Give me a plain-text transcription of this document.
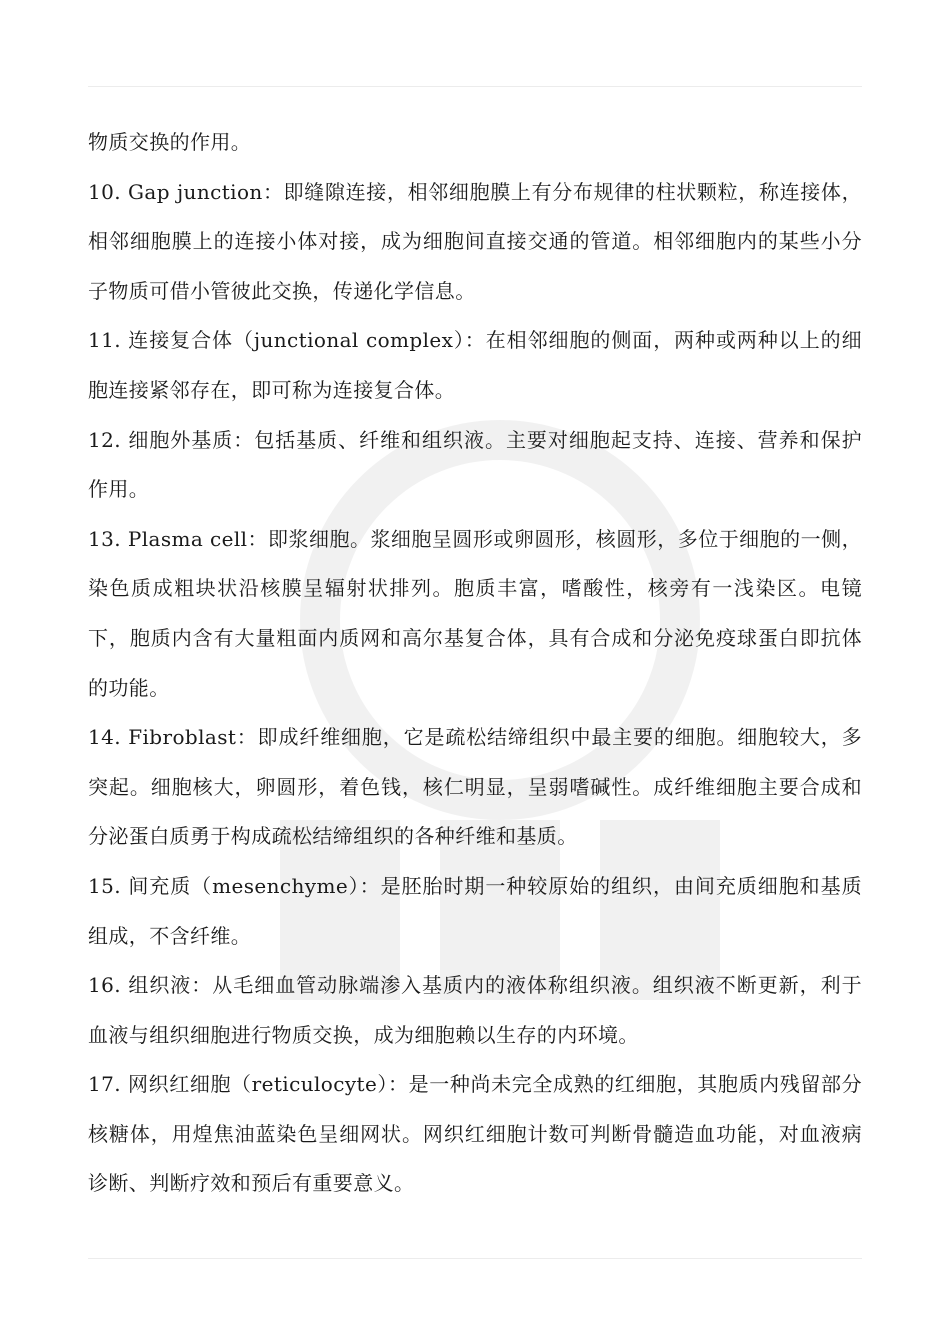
物质交换的作用。

10. Gap junction：即缝隙连接，相邻细胞膜上有分布规律的柱状颗粒，称连接体，相邻细胞膜上的连接小体对接，成为细胞间直接交通的管道。相邻细胞内的某些小分子物质可借小管彼此交换，传递化学信息。

11. 连接复合体（junctional complex）：在相邻细胞的侧面，两种或两种以上的细胞连接紧邻存在，即可称为连接复合体。

12. 细胞外基质：包括基质、纤维和组织液。主要对细胞起支持、连接、营养和保护作用。

13. Plasma cell：即浆细胞。浆细胞呈圆形或卵圆形，核圆形，多位于细胞的一侧，染色质成粗块状沿核膜呈辐射状排列。胞质丰富，嗜酸性，核旁有一浅染区。电镜下，胞质内含有大量粗面内质网和高尔基复合体，具有合成和分泌免疫球蛋白即抗体的功能。

14. Fibroblast：即成纤维细胞，它是疏松结缔组织中最主要的细胞。细胞较大，多突起。细胞核大，卵圆形，着色钱，核仁明显，呈弱嗜碱性。成纤维细胞主要合成和分泌蛋白质勇于构成疏松结缔组织的各种纤维和基质。

15. 间充质（mesenchyme）：是胚胎时期一种较原始的组织，由间充质细胞和基质组成，不含纤维。

16. 组织液：从毛细血管动脉端渗入基质内的液体称组织液。组织液不断更新，利于血液与组织细胞进行物质交换，成为细胞赖以生存的内环境。

17. 网织红细胞（reticulocyte）：是一种尚未完全成熟的红细胞，其胞质内残留部分核糖体，用煌焦油蓝染色呈细网状。网织红细胞计数可判断骨髓造血功能，对血液病诊断、判断疗效和预后有重要意义。
